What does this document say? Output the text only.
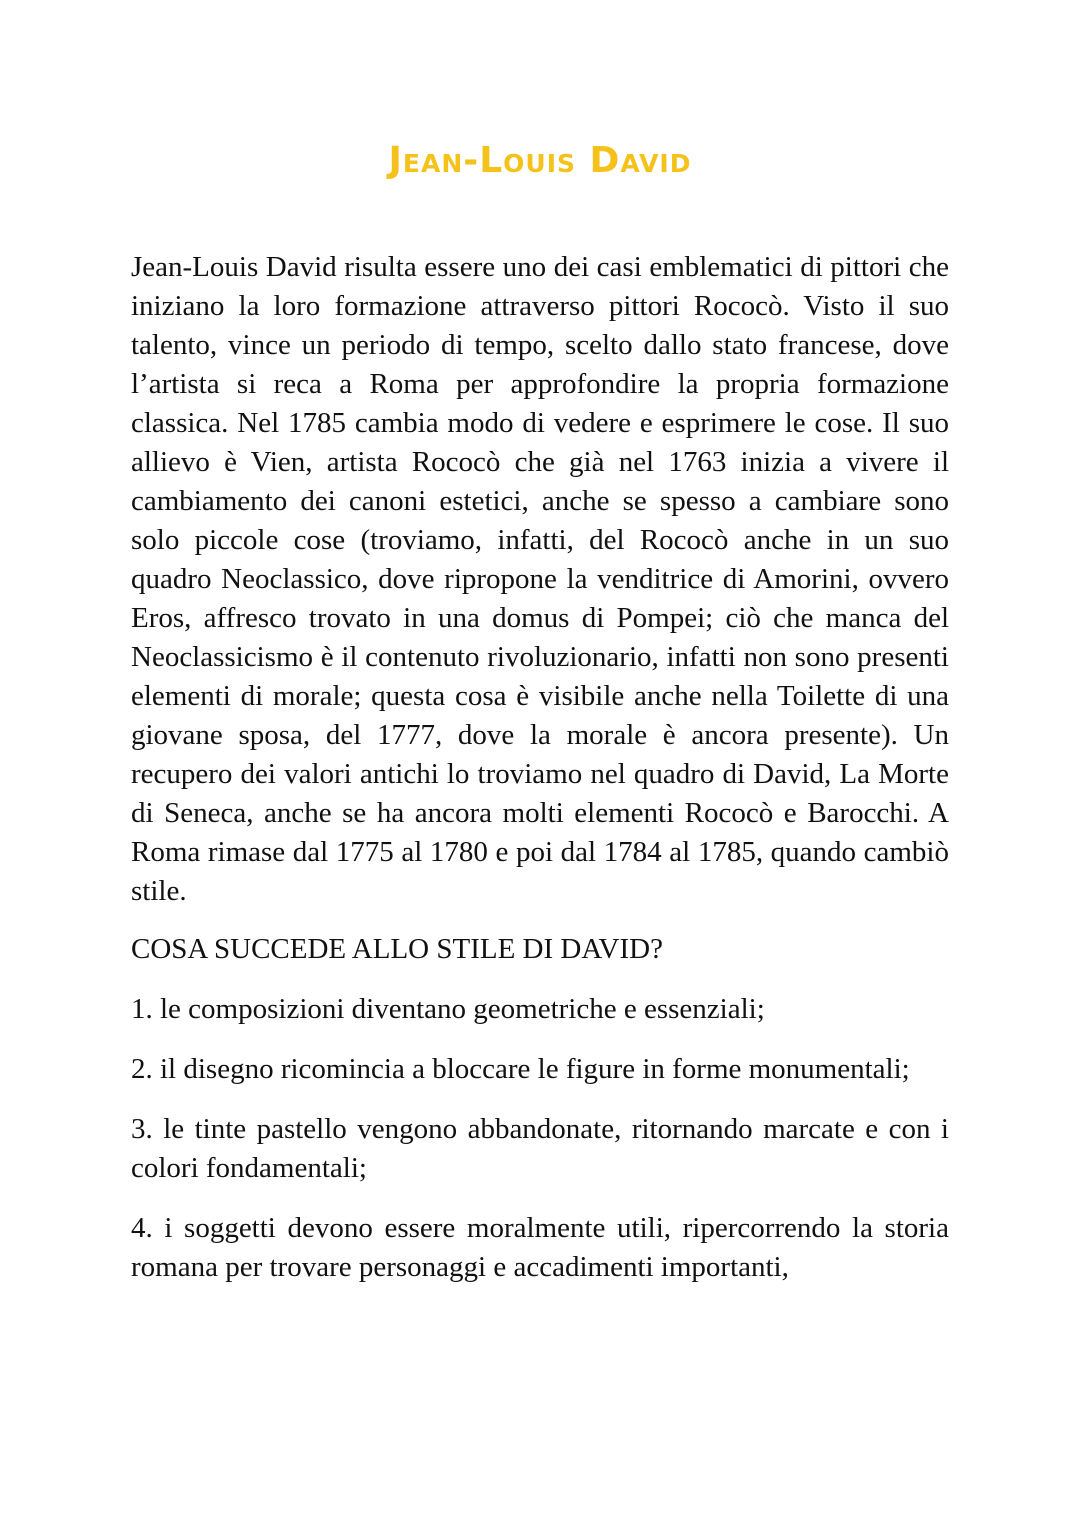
Jean-Louis David

Jean-Louis David risulta essere uno dei casi emblematici di pittori che iniziano la loro formazione attraverso pittori Rococò. Visto il suo talento, vince un periodo di tempo, scelto dallo stato francese, dove l’artista si reca a Roma per approfondire la propria formazione classica. Nel 1785 cambia modo di vedere e esprimere le cose. Il suo allievo è Vien, artista Rococò che già nel 1763 inizia a vivere il cambiamento dei canoni estetici, anche se spesso a cambiare sono solo piccole cose (troviamo, infatti, del Rococò anche in un suo quadro Neoclassico, dove ripropone la venditrice di Amorini, ovvero Eros, affresco trovato in una domus di Pompei; ciò che manca del Neoclassicismo è il contenuto rivoluzionario, infatti non sono presenti elementi di morale; questa cosa è visibile anche nella Toilette di una giovane sposa, del 1777, dove la morale è ancora presente). Un recupero dei valori antichi lo troviamo nel quadro di David, La Morte di Seneca, anche se ha ancora molti elementi Rococò e Barocchi. A Roma rimase dal 1775 al 1780 e poi dal 1784 al 1785, quando cambiò stile.

COSA SUCCEDE ALLO STILE DI DAVID?

1. le composizioni diventano geometriche e essenziali;

2. il disegno ricomincia a bloccare le figure in forme monumentali;

3. le tinte pastello vengono abbandonate, ritornando marcate e con i colori fondamentali;

4. i soggetti devono essere moralmente utili, ripercorrendo la storia romana per trovare personaggi e accadimenti importanti,
